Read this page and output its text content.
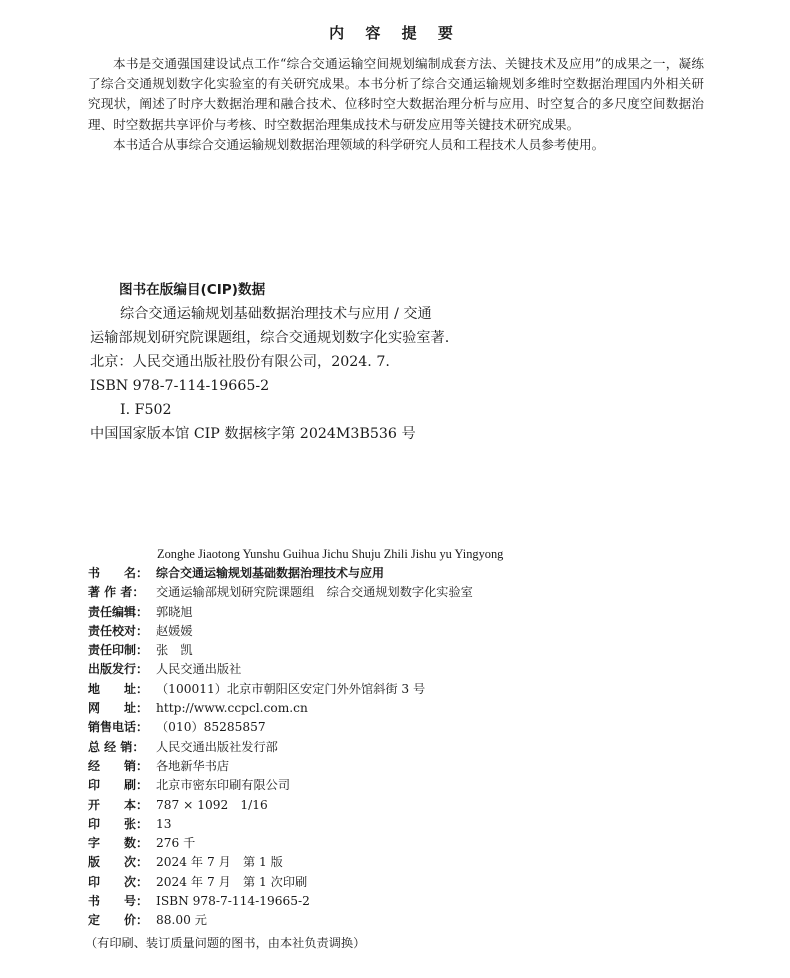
内 容 提 要

本书是交通强国建设试点工作“综合交通运输空间规划编制成套方法、关键技术及应用”的成果之一，凝练了综合交通规划数字化实验室的有关研究成果。本书分析了综合交通运输规划多维时空数据治理国内外相关研究现状，阐述了时序大数据治理和融合技术、位移时空大数据治理分析与应用、时空复合的多尺度空间数据治理、时空数据共享评价与考核、时空数据治理集成技术与研发应用等关键技术研究成果。

本书适合从事综合交通运输规划数据治理领域的科学研究人员和工程技术人员参考使用。

图书在版编目(CIP)数据
综合交通运输规划基础数据治理技术与应用 / 交通
运输部规划研究院课题组，综合交通规划数字化实验室著.
北京：人民交通出版社股份有限公司，2024. 7.
ISBN 978-7-114-19665-2
Ⅰ. F502
中国国家版本馆 CIP 数据核字第 2024M3B536 号
Zonghe Jiaotong Yunshu Guihua Jichu Shuju Zhili Jishu yu Yingyong
书　　名： 综合交通运输规划基础数据治理技术与应用
著 作 者： 交通运输部规划研究院课题组　综合交通规划数字化实验室
责任编辑： 郭晓旭
责任校对： 赵媛媛
责任印制： 张　凯
出版发行： 人民交通出版社
地　　址： （100011）北京市朝阳区安定门外外馆斜街 3 号
网　　址： http://www.ccpcl.com.cn
销售电话： （010）85285857
总 经 销： 人民交通出版社发行部
经　　销： 各地新华书店
印　　刷： 北京市密东印刷有限公司
开　　本： 787 × 1092　1/16
印　　张： 13
字　　数： 276 千
版　　次： 2024 年 7 月　第 1 版
印　　次： 2024 年 7 月　第 1 次印刷
书　　号： ISBN 978-7-114-19665-2
定　　价： 88.00 元
（有印刷、装订质量问题的图书，由本社负责调换）
